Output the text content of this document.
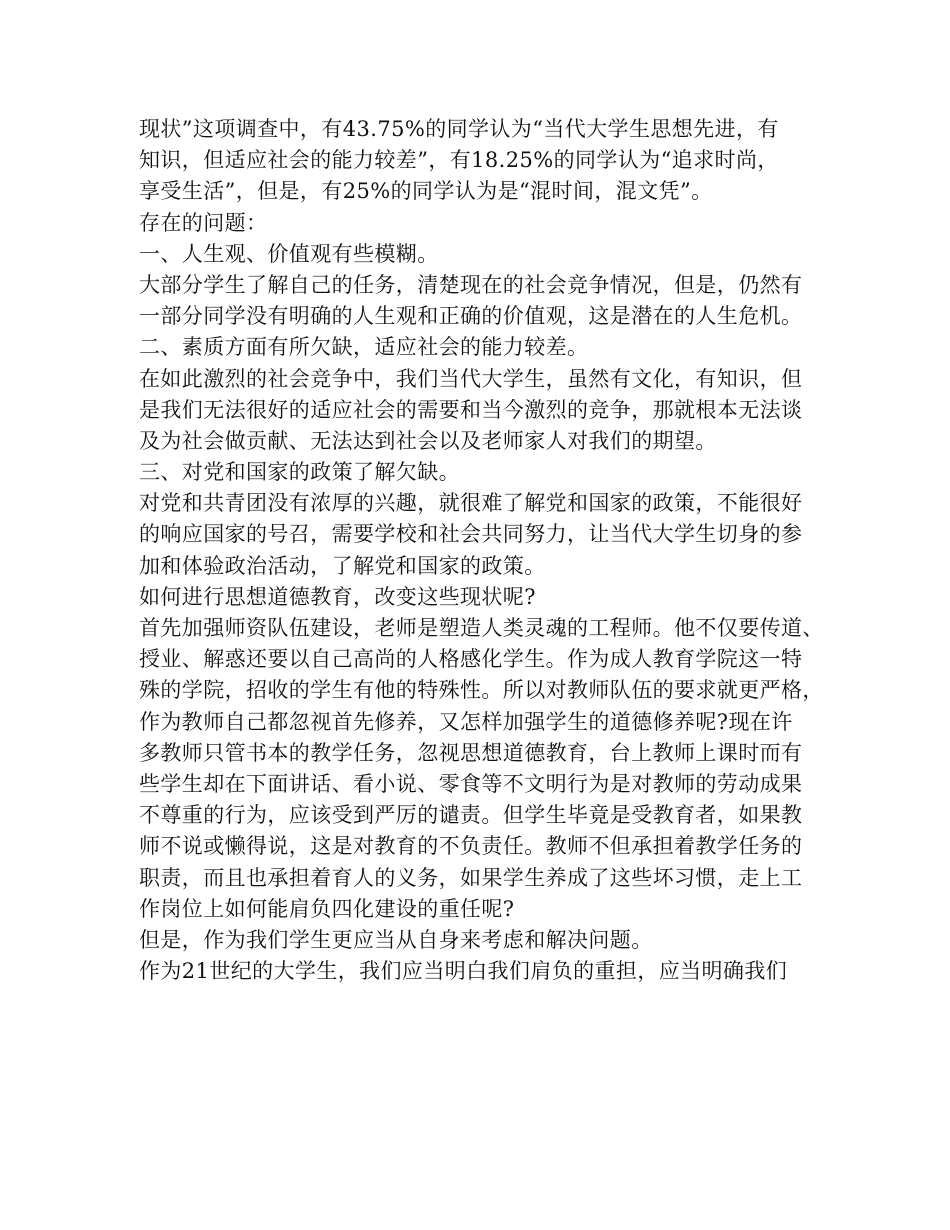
现状”这项调查中，有43.75%的同学认为“当代大学生思想先进，有
知识，但适应社会的能力较差”，有18.25%的同学认为“追求时尚，
享受生活”，但是，有25%的同学认为是“混时间，混文凭”。
存在的问题：
一、人生观、价值观有些模糊。
大部分学生了解自己的任务，清楚现在的社会竞争情况，但是，仍然有
一部分同学没有明确的人生观和正确的价值观，这是潜在的人生危机。
二、素质方面有所欠缺，适应社会的能力较差。
在如此激烈的社会竞争中，我们当代大学生，虽然有文化，有知识，但
是我们无法很好的适应社会的需要和当今激烈的竞争，那就根本无法谈
及为社会做贡献、无法达到社会以及老师家人对我们的期望。
三、对党和国家的政策了解欠缺。
对党和共青团没有浓厚的兴趣，就很难了解党和国家的政策，不能很好
的响应国家的号召，需要学校和社会共同努力，让当代大学生切身的参
加和体验政治活动，了解党和国家的政策。
如何进行思想道德教育，改变这些现状呢?
首先加强师资队伍建设，老师是塑造人类灵魂的工程师。他不仅要传道、
授业、解惑还要以自己高尚的人格感化学生。作为成人教育学院这一特
殊的学院，招收的学生有他的特殊性。所以对教师队伍的要求就更严格，
作为教师自己都忽视首先修养，又怎样加强学生的道德修养呢?现在许
多教师只管书本的教学任务，忽视思想道德教育，台上教师上课时而有
些学生却在下面讲话、看小说、零食等不文明行为是对教师的劳动成果
不尊重的行为，应该受到严厉的谴责。但学生毕竟是受教育者，如果教
师不说或懒得说，这是对教育的不负责任。教师不但承担着教学任务的
职责，而且也承担着育人的义务，如果学生养成了这些坏习惯，走上工
作岗位上如何能肩负四化建设的重任呢?
但是，作为我们学生更应当从自身来考虑和解决问题。
作为21世纪的大学生，我们应当明白我们肩负的重担，应当明确我们
